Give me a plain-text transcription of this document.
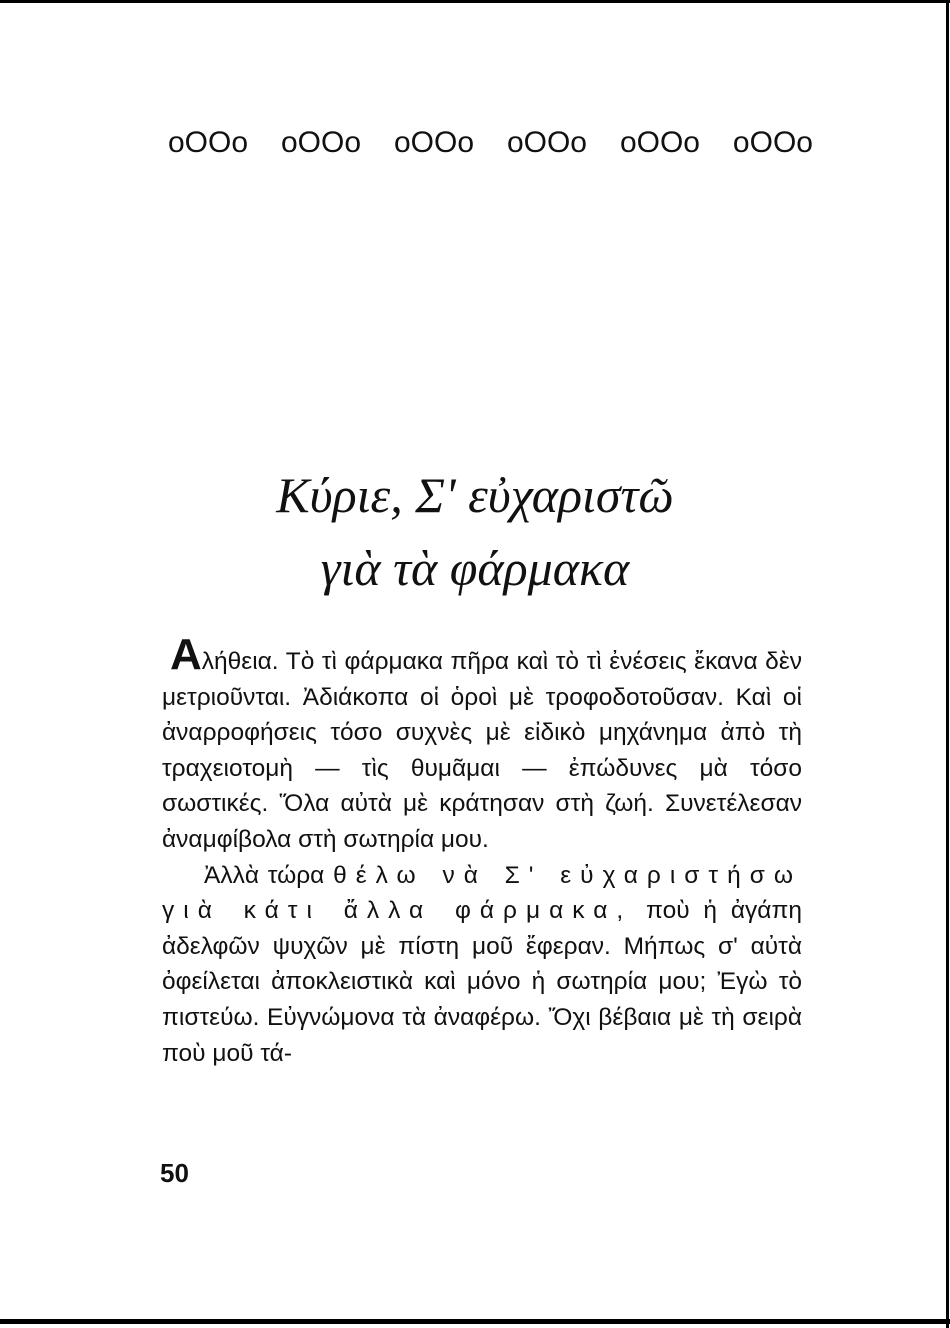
oOOo oOOo oOOo oOOo oOOo oOOo
Κύριε, Σ' εὐχαριστῶ
γιὰ τὰ φάρμακα

Αλήθεια. Τὸ τὶ φάρμακα πῆρα καὶ τὸ τὶ ἐνέσεις ἔκανα δὲν μετριοῦνται. Ἀδιάκοπα οἱ ὁροὶ μὲ τροφοδοτοῦσαν. Καὶ οἱ ἀναρροφήσεις τόσο συχνὲς μὲ εἰδικὸ μηχάνημα ἀπὸ τὴ τραχειοτομὴ — τὶς θυμᾶμαι — ἐπώδυνες μὰ τόσο σωστικές. Ὅλα αὐτὰ μὲ κράτησαν στὴ ζωή. Συνετέλεσαν ἀναμφίβολα στὴ σωτηρία μου.

Ἀλλὰ τώρα θέλω νὰ Σ' εὐχαριστήσω γιὰ κάτι ἄλλα φάρμακα, ποὺ ἡ ἀγάπη ἀδελφῶν ψυχῶν μὲ πίστη μοῦ ἔφεραν. Μήπως σ' αὐτὰ ὀφείλεται ἀποκλειστικὰ καὶ μόνο ἡ σωτηρία μου; Ἐγὼ τὸ πιστεύω. Εὐγνώμονα τὰ ἀναφέρω. Ὄχι βέβαια μὲ τὴ σειρὰ ποὺ μοῦ τά-

50
